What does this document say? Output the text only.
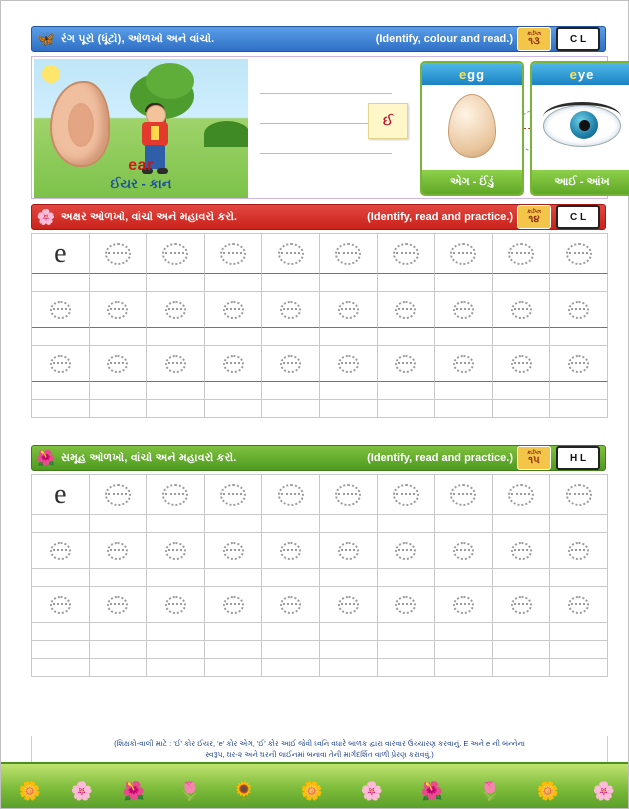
🦋 રંગ પૂરો (ધૂંટો), ઓળખો અને વાંચો.	(Identify, colour and read.)	કાર્ડપત્ર
૧૩	C L
ear
ઈયર - કાન
ઈ
e gg
એગ - ઈંડું
e ye
આઈ - આંખ
🌸 અક્ષર ઓળખો, વાંચો અને મહાવરો કરો.	(Identify, read and practice.)	કાર્ડપત્ર
૧૪	C L
e
🌺 સમૂહ ઓળખો, વાંચો અને મહાવરો કરો.	(Identify, read and practice.)	કાર્ડપત્ર
૧૫	H L
e
(શિક્ષકો-વાલી માટે : 'ઈ' કોર ઈયર, 'e' કોર એગ, 'ઈ' કોર આઈ જેવી ધ્વનિ વધારે બાળક દ્વારા વારંવાર ઉચ્ચારણ કરવાનું. E અને e ની બંન્નેના
સ્વરૂપ, ઘર-૨ અને ઘરની લાઈનમાં બનાવા તેની માર્ગદર્શિત વાળી પ્રેરણ કરાવવું.)
🌼 🌸 🌺 🌷 🌻	🌼 🌸 🌺 🌷 🌼 🌸
